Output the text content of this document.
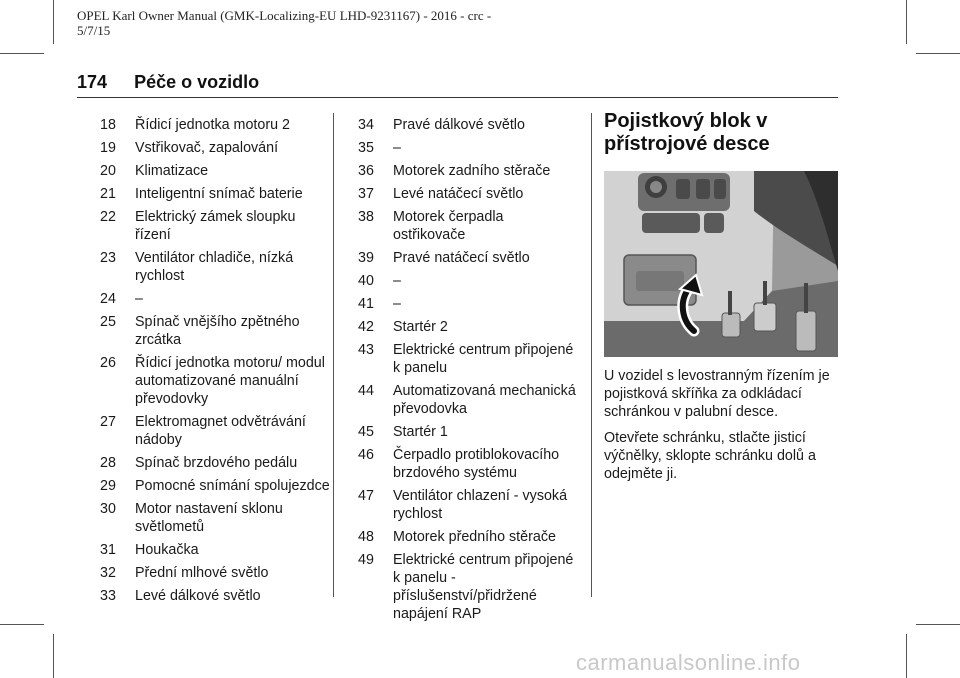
OPEL Karl Owner Manual (GMK-Localizing-EU LHD-9231167) - 2016 - crc -
5/7/15
174 Péče o vozidlo
18	Řídicí jednotka motoru 2
19	Vstřikovač, zapalování
20	Klimatizace
21	Inteligentní snímač baterie
22	Elektrický zámek sloupku řízení
23	Ventilátor chladiče, nízká rychlost
24	–
25	Spínač vnějšího zpětného zrcátka
26	Řídicí jednotka motoru/ modul automatizované manuální převodovky
27	Elektromagnet odvětrávání nádoby
28	Spínač brzdového pedálu
29	Pomocné snímání spolujezdce
30	Motor nastavení sklonu světlometů
31	Houkačka
32	Přední mlhové světlo
33	Levé dálkové světlo
34	Pravé dálkové světlo
35	–
36	Motorek zadního stěrače
37	Levé natáčecí světlo
38	Motorek čerpadla ostřikovače
39	Pravé natáčecí světlo
40	–
41	–
42	Startér 2
43	Elektrické centrum připojené k panelu
44	Automatizovaná mechanická převodovka
45	Startér 1
46	Čerpadlo protiblokovacího brzdového systému
47	Ventilátor chlazení - vysoká rychlost
48	Motorek předního stěrače
49	Elektrické centrum připojené k panelu - příslušenství/přidržené napájení RAP
Pojistkový blok v přístrojové desce

U vozidel s levostranným řízením je pojistková skříňka za odkládací schránkou v palubní desce.

Otevřete schránku, stlačte jisticí výčnělky, sklopte schránku dolů a odejměte ji.

carmanualsonline.info
